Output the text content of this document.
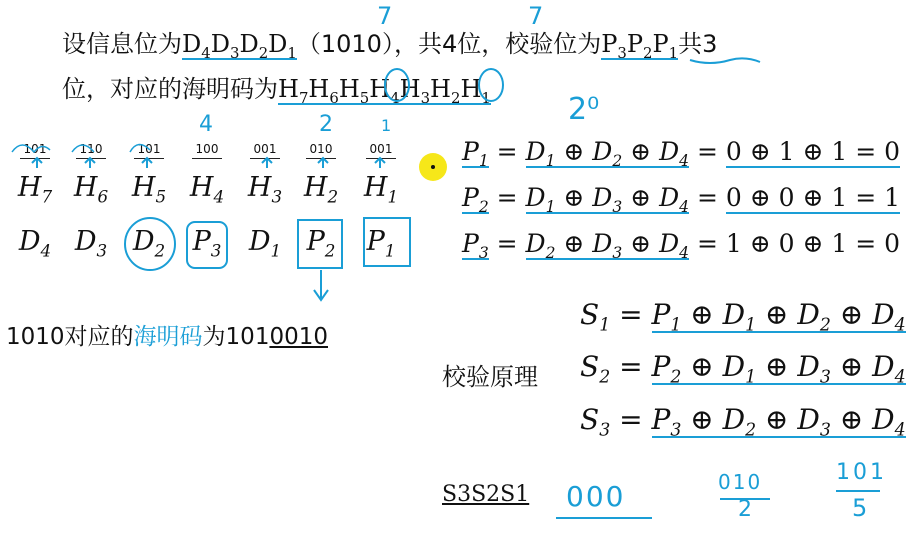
设信息位为$D_4D_3D_2D_1(1010)$，共4位，校验位为$P_3P_2P_1$共3
位，对应的海明码为$H_7H_6H_5H_4H_3H_2H_1$
101	110	101	100	001	010	001
$H_7$ $H_6$ $H_5$ $H_4$ $H_3$ $H_2$ $H_1$
$D_4$ $D_3$ $D_2$	$P_3$	$D_1$ $P_2$	$P_1$
$P_1 = D_1$ ⊕ $D_2$ ⊕ $D_4 = 0$ ⊕ 1 ⊕ 1 = 0
$P_2 = D_1$ ⊕ $D_3$ ⊕ $D_4 = 0$ ⊕ 0 ⊕ 1 = 1
$P_3 = D_2$ ⊕ $D_3$ ⊕ $D_4 = 1$ ⊕ 0 ⊕ 1 = 0
1010对应的海明码为1010010
校验原理
$S_1 = P_1$ ⊕ $D_1$ ⊕ $D_2$ ⊕ $D_4$
$S_2 = P_2$ ⊕ $D_1$ ⊕ $D_3$ ⊕ $D_4$
$S_3 = P_3$ ⊕ $D_2$ ⊕ $D_3$ ⊕ $D_4$
S3S2S1
7	7
2⁰
4	2	1
000	010
2
101
5
